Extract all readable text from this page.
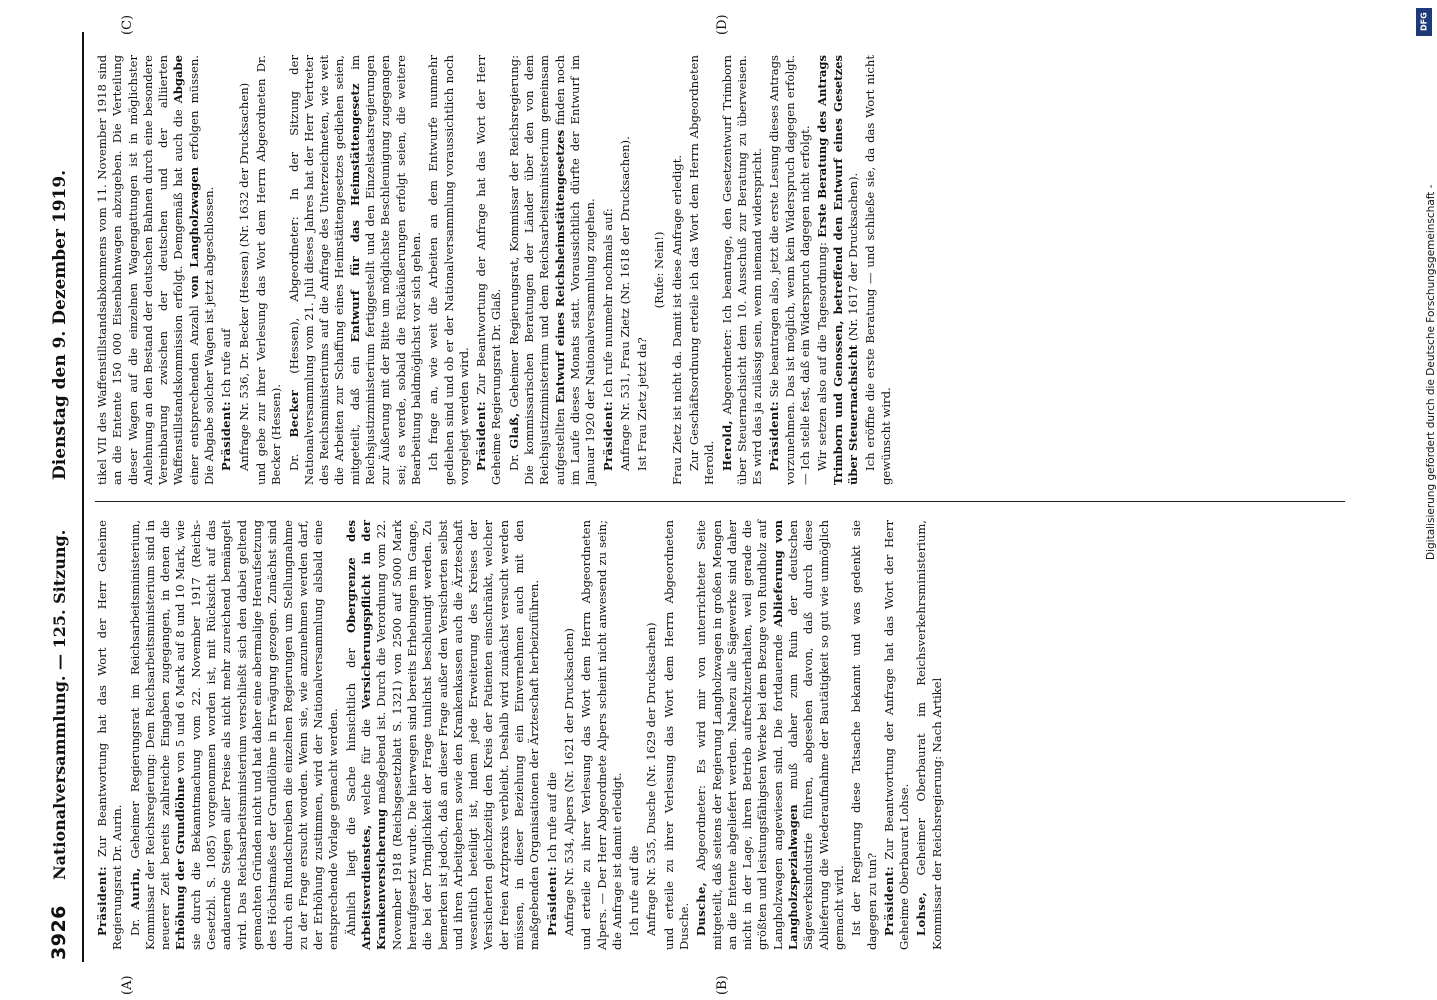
3926
Nationalversammlung. — 125. Sitzung.
Dienstag den 9. Dezember 1919.
(A)	(B)
(C)	(D)

Präsident: Zur Beantwortung hat das Wort der Herr Geheime Regierungsrat Dr. Aurin. Dr. Aurin, Geheimer Regierungsrat im Reichsarbeitsministerium, Kommissar der Reichsregierung: Dem Reichsarbeitsministerium sind in neuerer Zeit bereits zahlreiche Eingaben zugegangen, in denen die Erhöhung der Grundlöhne von 5 und 6 Mark auf 8 und 10 Mark, wie sie durch die Bekanntmachung vom 22. November 1917 (Reichs-Gesetzbl. S. 1085) vorgenommen worden ist, mit Rücksicht auf das andauernde Steigen aller Preise als nicht mehr zureichend bemängelt wird. Das Reichsarbeitsministerium verschließt sich den dabei geltend gemachten Gründen nicht und hat daher eine abermalige Heraufsetzung des Höchstmaßes der Grundlöhne in Erwägung gezogen. Zunächst sind durch ein Rundschreiben die einzelnen Regierungen um Stellungnahme zu der Frage ersucht worden. Wenn sie, wie anzunehmen werden darf, der Erhöhung zustimmen, wird der Nationalversammlung alsbald eine entsprechende Vorlage gemacht werden. Ähnlich liegt die Sache hinsichtlich der Obergrenze des Arbeitsverdienstes, welche für die Versicherungspflicht in der Krankenversicherung maßgebend ist. Durch die Verordnung vom 22. November 1918 (Reichsgesetzblatt S. 1321) von 2500 auf 5000 Mark heraufgesetzt wurde. Die hierwegen sind bereits Erhebungen im Gange, die bei der Dringlichkeit der Frage tunlichst beschleunigt werden. Zu bemerken ist jedoch, daß an dieser Frage außer den Versicherten selbst und ihren Arbeitgebern sowie den Krankenkassen auch die Ärzteschaft wesentlich beteiligt ist, indem jede Erweiterung des Kreises der Versicherten gleichzeitig den Kreis der Patienten einschränkt, welcher der freien Arztpraxis verbleibt. Deshalb wird zunächst versucht werden müssen, in dieser Beziehung ein Einvernehmen auch mit den maßgebenden Organisationen der Ärzteschaft herbeizuführen. Präsident: Ich rufe auf die Anfrage Nr. 534, Alpers (Nr. 1621 der Drucksachen) und erteile zu ihrer Verlesung das Wort dem Herrn Abgeordneten Alpers. — Der Herr Abgeordnete Alpers scheint nicht anwesend zu sein; die Anfrage ist damit erledigt. Ich rufe auf die Anfrage Nr. 535, Dusche (Nr. 1629 der Drucksachen) und erteile zu ihrer Verlesung das Wort dem Herrn Abgeordneten Dusche. Dusche, Abgeordneter: Es wird mir von unterrichteter Seite mitgeteilt, daß seitens der Regierung Langholzwagen in großen Mengen an die Entente abgeliefert werden. Nahezu alle Sägewerke sind daher nicht in der Lage, ihren Betrieb aufrechtzuerhalten, weil gerade die größten und leistungsfähigsten Werke bei dem Bezuge von Rundholz auf Langholzwagen angewiesen sind. Die fortdauernde Ablieferung von Langholzspezialwagen muß daher zum Ruin der deutschen Sägewerksindustrie führen, abgesehen davon, daß durch diese Ablieferung die Wiederaufnahme der Bautätigkeit so gut wie unmöglich gemacht wird. Ist der Regierung diese Tatsache bekannt und was gedenkt sie dagegen zu tun? Präsident: Zur Beantwortung der Anfrage hat das Wort der Herr Geheime Oberbaurat Lohse. Lohse, Geheimer Oberbaurat im Reichsverkehrsministerium, Kommissar der Reichsregierung: Nach Artikel

tikel VII des Waffenstillstandsabkommens vom 11. November 1918 sind an die Entente 150 000 Eisenbahnwagen abzugeben. Die Verteilung dieser Wagen auf die einzelnen Wagengattungen ist in möglichster Anlehnung an den Bestand der deutschen Bahnen durch eine besondere Vereinbarung zwischen der deutschen und der alliierten Waffenstillstandskommission erfolgt. Demgemäß hat auch die Abgabe einer entsprechenden Anzahl von Langholzwagen erfolgen müssen. Die Abgabe solcher Wagen ist jetzt abgeschlossen. Präsident: Ich rufe auf Anfrage Nr. 536, Dr. Becker (Hessen) (Nr. 1632 der Drucksachen) und gebe zur ihrer Verlesung das Wort dem Herrn Abgeordneten Dr. Becker (Hessen). Dr. Becker (Hessen), Abgeordneter: In der Sitzung der Nationalversammlung vom 21. Juli dieses Jahres hat der Herr Vertreter des Reichsministeriums auf die Anfrage des Unterzeichneten, wie weit die Arbeiten zur Schaffung eines Heimstättengesetzes gediehen seien, mitgeteilt, daß ein Entwurf für das Heimstättengesetz im Reichsjustizministerium fertiggestellt und den Einzelstaatsregierungen zur Äußerung mit der Bitte um möglichste Beschleunigung zugegangen sei; es werde, sobald die Rückäußerungen erfolgt seien, die weitere Bearbeitung baldmöglichst vor sich gehen. Ich frage an, wie weit die Arbeiten an dem Entwurfe nunmehr gediehen sind und ob er der Nationalversammlung voraussichtlich noch vorgelegt werden wird. Präsident: Zur Beantwortung der Anfrage hat das Wort der Herr Geheime Regierungsrat Dr. Glaß. Dr. Glaß, Geheimer Regierungsrat, Kommissar der Reichsregierung: Die kommissarischen Beratungen der Länder über den von dem Reichsjustizministerium und dem Reichsarbeitsministerium gemeinsam aufgestellten Entwurf eines Reichsheimstättengesetzes finden noch im Laufe dieses Monats statt. Voraussichtlich dürfte der Entwurf im Januar 1920 der Nationalversammlung zugehen. Präsident: Ich rufe nunmehr nochmals auf: Anfrage Nr. 531, Frau Zietz (Nr. 1618 der Drucksachen). Ist Frau Zietz jetzt da?

(Rufe: Nein!) Frau Zietz ist nicht da. Damit ist diese Anfrage erledigt. Zur Geschäftsordnung erteile ich das Wort dem Herrn Abgeordneten Herold. Herold, Abgeordneter: Ich beantrage, den Gesetzentwurf Trimborn über Steuernachsicht dem 10. Ausschuß zur Beratung zu überweisen. Es wird das ja zulässig sein, wenn niemand widerspricht. Präsident: Sie beantragen also, jetzt die erste Lesung dieses Antrags vorzunehmen. Das ist möglich, wenn kein Widerspruch dagegen erfolgt. — Ich stelle fest, daß ein Widerspruch dagegen nicht erfolgt. Wir setzen also auf die Tagesordnung: Erste Beratung des Antrags Trimborn und Genossen, betreffend den Entwurf eines Gesetzes über Steuernachsicht (Nr. 1617 der Drucksachen). Ich eröffne die erste Beratung — und schließe sie, da das Wort nicht gewünscht wird.

DFG
Digitalisierung gefördert durch die Deutsche Forschungsgemeinschaft -
